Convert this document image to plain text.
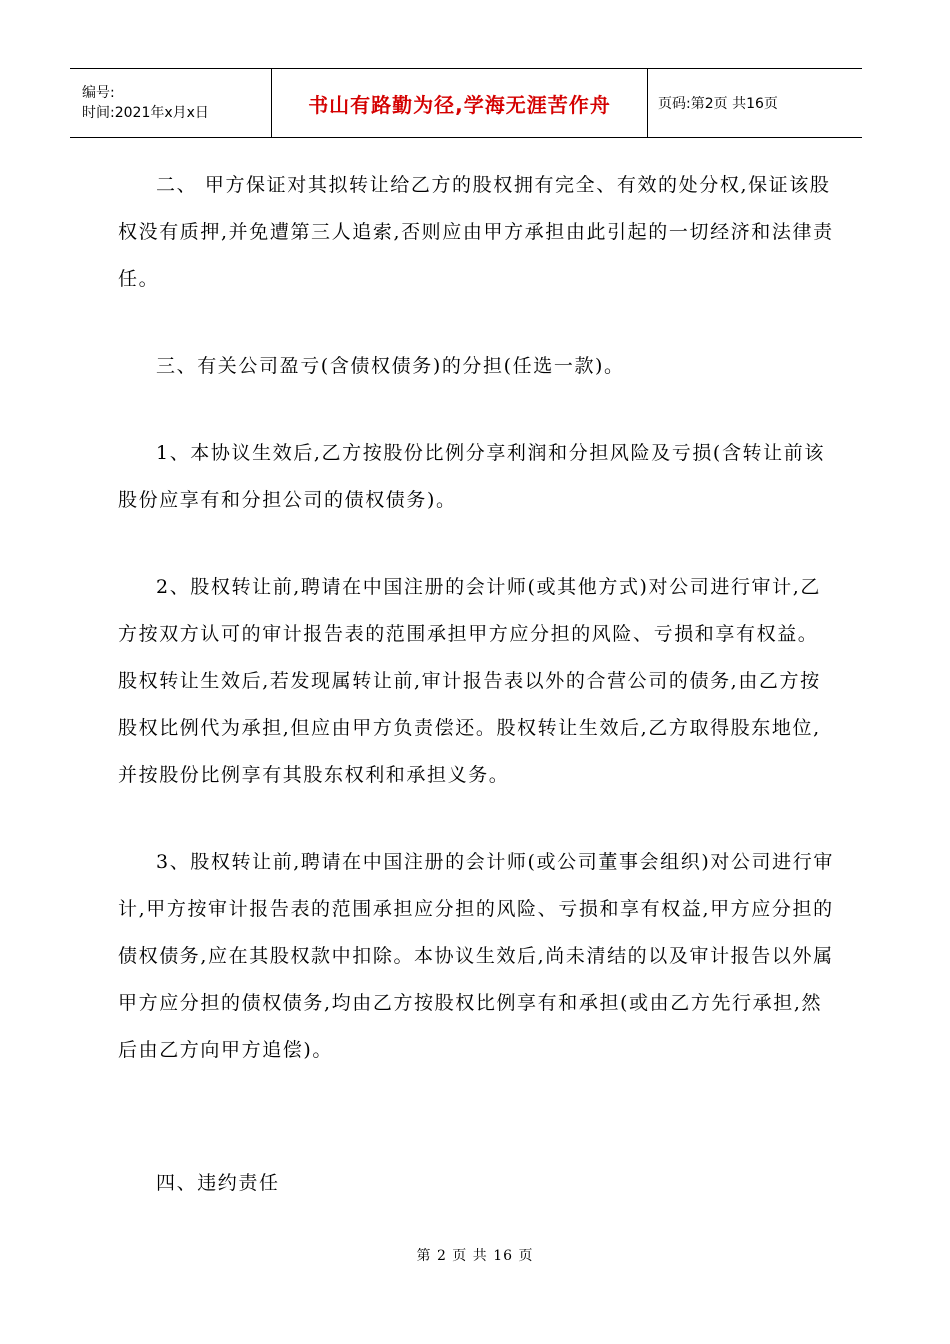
编号:
时间:2021年x月x日	书山有路勤为径,学海无涯苦作舟	页码:第2页 共16页

二、 甲方保证对其拟转让给乙方的股权拥有完全、有效的处分权,保证该股权没有质押,并免遭第三人追索,否则应由甲方承担由此引起的一切经济和法律责任。

三、有关公司盈亏(含债权债务)的分担(任选一款)。

1、本协议生效后,乙方按股份比例分享利润和分担风险及亏损(含转让前该股份应享有和分担公司的债权债务)。

2、股权转让前,聘请在中国注册的会计师(或其他方式)对公司进行审计,乙方按双方认可的审计报告表的范围承担甲方应分担的风险、亏损和享有权益。股权转让生效后,若发现属转让前,审计报告表以外的合营公司的债务,由乙方按股权比例代为承担,但应由甲方负责偿还。股权转让生效后,乙方取得股东地位,并按股份比例享有其股东权利和承担义务。

3、股权转让前,聘请在中国注册的会计师(或公司董事会组织)对公司进行审计,甲方按审计报告表的范围承担应分担的风险、亏损和享有权益,甲方应分担的债权债务,应在其股权款中扣除。本协议生效后,尚未清结的以及审计报告以外属甲方应分担的债权债务,均由乙方按股权比例享有和承担(或由乙方先行承担,然后由乙方向甲方追偿)。

四、违约责任

第 2 页 共 16 页
